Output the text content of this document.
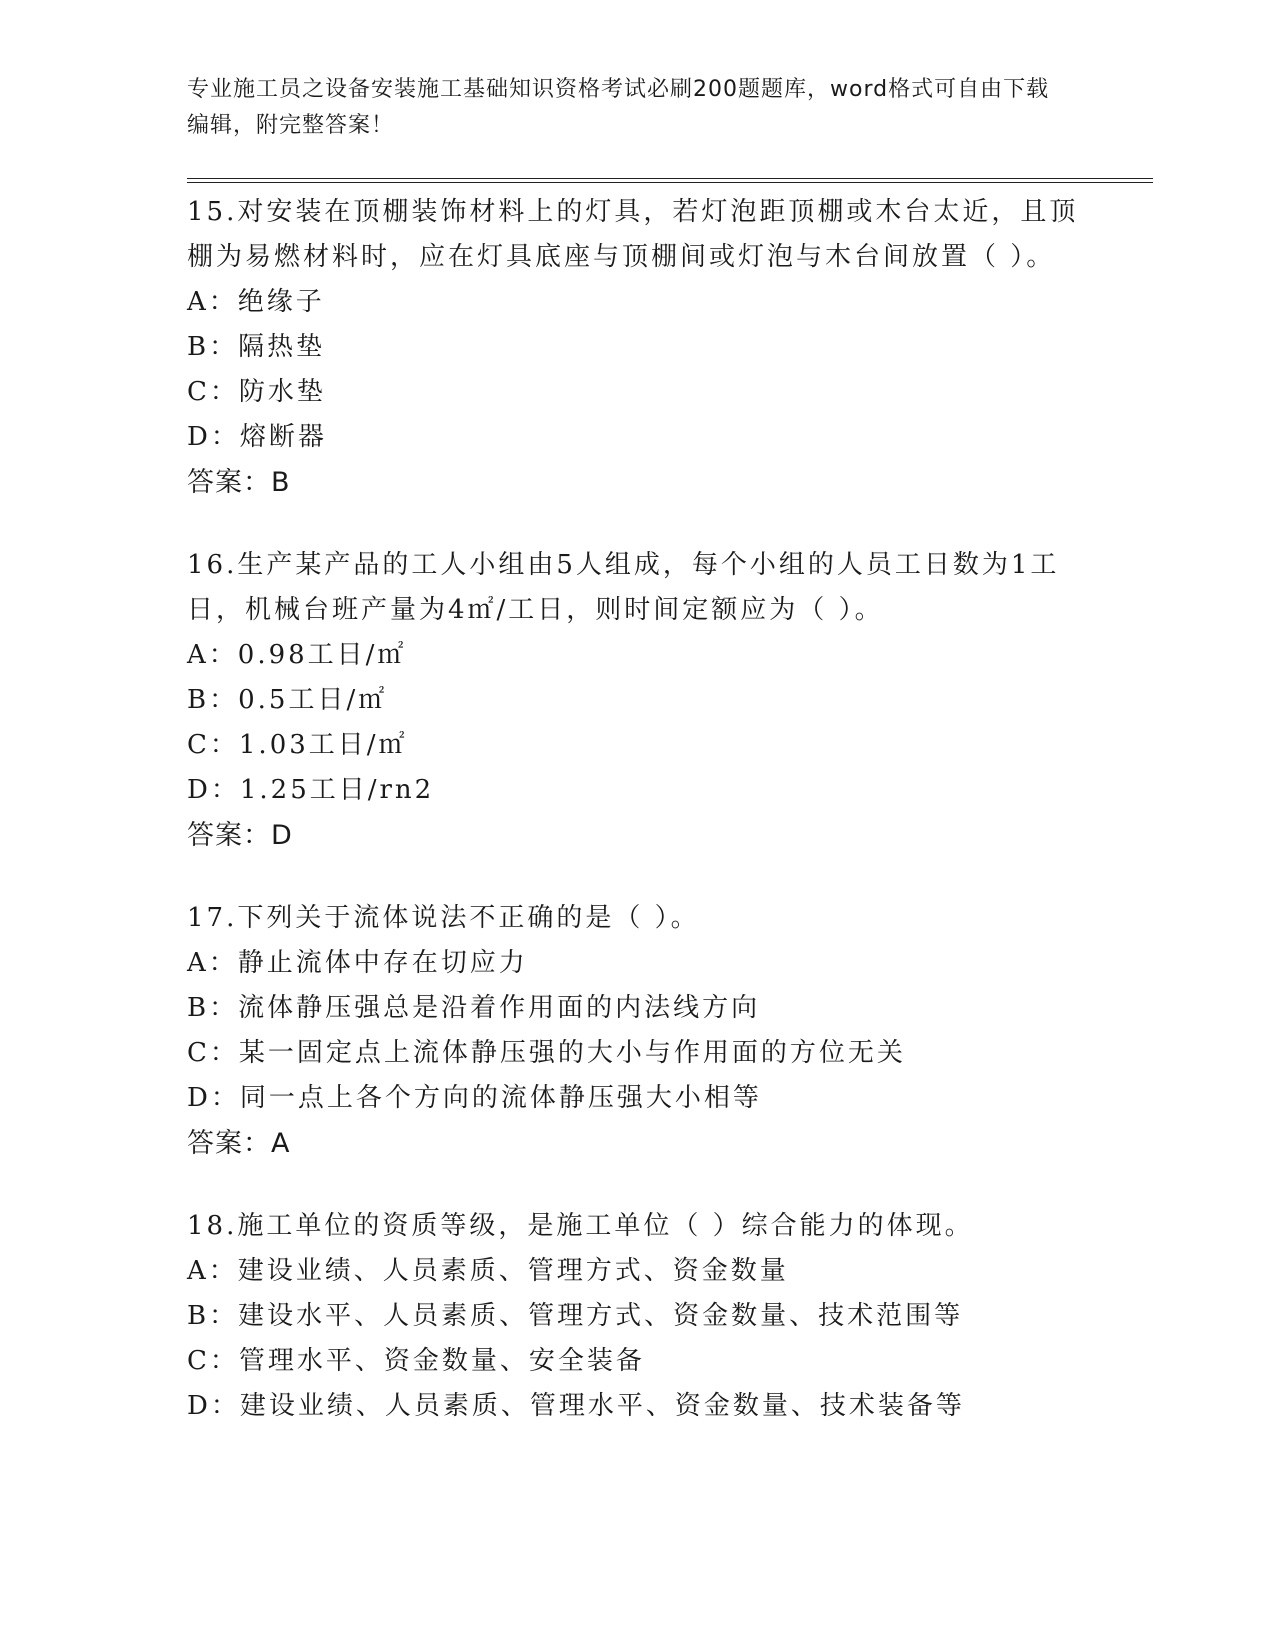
专业施工员之设备安装施工基础知识资格考试必刷200题题库，word格式可自由下载编辑，附完整答案！

15.对安装在顶棚装饰材料上的灯具，若灯泡距顶棚或木台太近，且顶棚为易燃材料时，应在灯具底座与顶棚间或灯泡与木台间放置（ ）。

A：绝缘子

B：隔热垫

C：防水垫

D：熔断器

答案：B

16.生产某产品的工人小组由5人组成，每个小组的人员工日数为1工日，机械台班产量为4㎡/工日，则时间定额应为（ ）。

A：0.98工日/㎡

B：0.5工日/㎡

C：1.03工日/㎡

D：1.25工日/rn2

答案：D

17.下列关于流体说法不正确的是（ ）。

A：静止流体中存在切应力

B：流体静压强总是沿着作用面的内法线方向

C：某一固定点上流体静压强的大小与作用面的方位无关

D：同一点上各个方向的流体静压强大小相等

答案：A

18.施工单位的资质等级，是施工单位（ ）综合能力的体现。

A：建设业绩、人员素质、管理方式、资金数量

B：建设水平、人员素质、管理方式、资金数量、技术范围等

C：管理水平、资金数量、安全装备

D：建设业绩、人员素质、管理水平、资金数量、技术装备等
